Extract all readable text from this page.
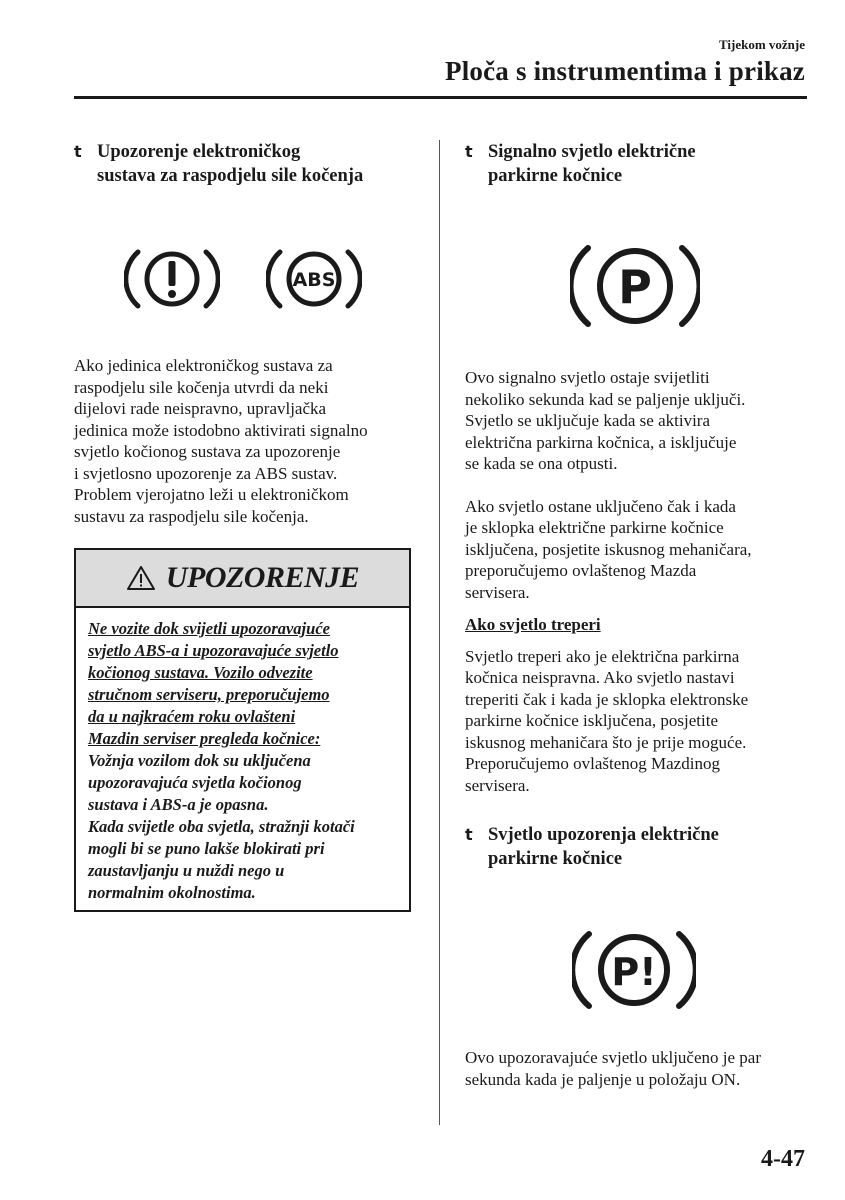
Tijekom vožnje
Ploča s instrumentima i prikaz
t Upozorenje elektroničkog
sustava za raspodjelu sile kočenja
ABS

Ako jedinica elektroničkog sustava za
raspodjelu sile kočenja utvrdi da neki
dijelovi rade neispravno, upravljačka
jedinica može istodobno aktivirati signalno
svjetlo kočionog sustava za upozorenje
i svjetlosno upozorenje za ABS sustav.
Problem vjerojatno leži u elektroničkom
sustavu za raspodjelu sile kočenja.

UPOZORENJE
Ne vozite dok svijetli upozoravajuće
svjetlo ABS-a i upozoravajuće svjetlo
kočionog sustava. Vozilo odvezite
stručnom serviseru, preporučujemo
da u najkraćem roku ovlašteni
Mazdin serviser pregleda kočnice:
Vožnja vozilom dok su uključena
upozoravajuća svjetla kočionog
sustava i ABS-a je opasna.
Kada svijetle oba svjetla, stražnji kotači
mogli bi se puno lakše blokirati pri
zaustavljanju u nuždi nego u
normalnim okolnostima.
t Signalno svjetlo električne
parkirne kočnice
P

Ovo signalno svjetlo ostaje svijetliti
nekoliko sekunda kad se paljenje uključi.
Svjetlo se uključuje kada se aktivira
električna parkirna kočnica, a isključuje
se kada se ona otpusti.

Ako svjetlo ostane uključeno čak i kada
je sklopka električne parkirne kočnice
isključena, posjetite iskusnog mehaničara,
preporučujemo ovlaštenog Mazda
servisera.

Ako svjetlo treperi

Svjetlo treperi ako je električna parkirna
kočnica neispravna. Ako svjetlo nastavi
treperiti čak i kada je sklopka elektronske
parkirne kočnice isključena, posjetite
iskusnog mehaničara što je prije moguće.
Preporučujemo ovlaštenog Mazdinog
servisera.

t Svjetlo upozorenja električne
parkirne kočnice
P!

Ovo upozoravajuće svjetlo uključeno je par
sekunda kada je paljenje u položaju ON.

4-47
